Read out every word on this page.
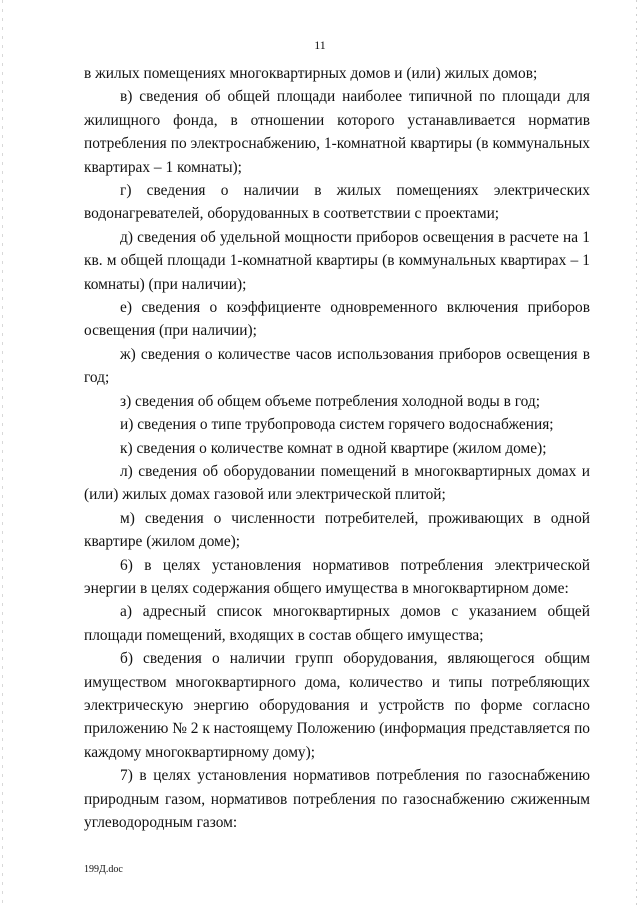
11

в жилых помещениях многоквартирных домов и (или) жилых домов;

в) сведения об общей площади наиболее типичной по площади для жилищного фонда, в отношении которого устанавливается норматив потребления по электроснабжению, 1-комнатной квартиры (в коммунальных квартирах – 1 комнаты);

г) сведения о наличии в жилых помещениях электрических водонагревателей, оборудованных в соответствии с проектами;

д) сведения об удельной мощности приборов освещения в расчете на 1 кв. м общей площади 1-комнатной квартиры (в коммунальных квартирах – 1 комнаты) (при наличии);

е) сведения о коэффициенте одновременного включения приборов освещения (при наличии);

ж) сведения о количестве часов использования приборов освещения в год;

з) сведения об общем объеме потребления холодной воды в год;

и) сведения о типе трубопровода систем горячего водоснабжения;

к) сведения о количестве комнат в одной квартире (жилом доме);

л) сведения об оборудовании помещений в многоквартирных домах и (или) жилых домах газовой или электрической плитой;

м) сведения о численности потребителей, проживающих в одной квартире (жилом доме);

6) в целях установления нормативов потребления электрической энергии в целях содержания общего имущества в многоквартирном доме:

а) адресный список многоквартирных домов с указанием общей площади помещений, входящих в состав общего имущества;

б) сведения о наличии групп оборудования, являющегося общим имуществом многоквартирного дома, количество и типы потребляющих электрическую энергию оборудования и устройств по форме согласно приложению № 2 к настоящему Положению (информация представляется по каждому многоквартирному дому);

7) в целях установления нормативов потребления по газоснабжению природным газом, нормативов потребления по газоснабжению сжиженным углеводородным газом:

199Д.doc
